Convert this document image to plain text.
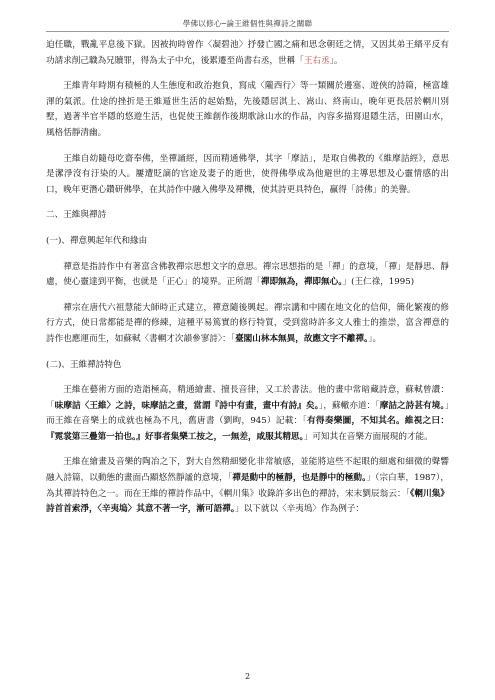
學佛以修心─論王維個性與禪詩之關聯

迫任職，戰亂平息後下獄。因被拘時曾作〈凝碧池〉抒發亡國之痛和思念朝廷之情，又因其弟王縉平反有功請求削己職為兄贖罪，得為太子中允，後累遷至尚書右丞，世稱「王右丞」。

王維青年時期有積極的人生態度和政治抱負，寫成〈隴西行〉等一類關於邊塞、遊俠的詩篇，極富雄渾的氣派。仕途的挫折是王維遁世生活的起始點，先後隱居淇上、嵩山、終南山，晚年更長居於輞川別墅，過著半官半隱的悠遊生活，也促使王維創作後期歌詠山水的作品，內容多描寫退隱生活，田園山水，風格恬靜清幽。

王維自幼隨母吃齋奉佛，坐禪誦經，因而精通佛學，其字「摩詰」，是取自佛教的《維摩詰經》，意思是潔淨沒有汙染的人。屢遭貶謫的官途及妻子的逝世，使得佛學成為他避世的主導思想及心靈情感的出口，晚年更潛心鑽研佛學，在其詩作中融入佛學及禪機，使其詩更具特色，贏得「詩佛」的美譽。

二、王維與禪詩

(一)、禪意興起年代和緣由

禪意是指詩作中有著富含佛教禪宗思想文字的意思。禪宗思想指的是「禪」的意境，「禪」是靜思、靜慮，使心靈達到平衡，也就是「正心」的境界。正所謂「禪即無為，禪即無心。」(王仁祿，1995)

禪宗在唐代六祖慧能大師時正式建立，禪意隨後興起。禪宗講和中國在地文化的信仰，簡化繁複的修行方式，使日常都能是禪的修練，這種平易篤實的修行特質，受到當時許多文人雅士的推崇，富含禪意的詩作也應運而生，如蘇軾〈書輞才次韻參寥詩〉：「臺閣山林本無異，故應文字不離禪。」。

(二)、王維禪詩特色

王維在藝術方面的造詣極高，精通繪畫、擅長音律，又工於書法。他的畫中常暗藏詩意，蘇軾曾讚：「味摩詰〈王維〉之詩，味摩詰之畫，當謂『詩中有畫，畫中有詩』矣。」，蘇轍亦道：「摩詰之詩甚有境。」而王維在音樂上的成就也極為不凡，舊唐書（劉昫，945）記載：「有得奏樂圖，不知其名。維視之曰：『霓裳第三疊第一拍也。』好事者集樂工按之，一無差，咸服其精思。」可知其在音樂方面展現的才能。

王維在繪畫及音樂的陶冶之下，對大自然精細變化非常敏感，並能將這些不起眼的細處和細微的聲響融入詩篇，以動態的畫面凸顯悠然靜謐的意境，「禪是動中的極靜，也是靜中的極動。」（宗白華，1987），為其禪詩特色之一。而在王維的禪詩作品中，《輞川集》收錄許多出色的禪詩，宋末劉辰翁云：「《輞川集》詩首首索淨，〈辛夷塢〉其意不著一字，漸可語禪。」以下就以〈辛夷塢〉作為例子：

2
